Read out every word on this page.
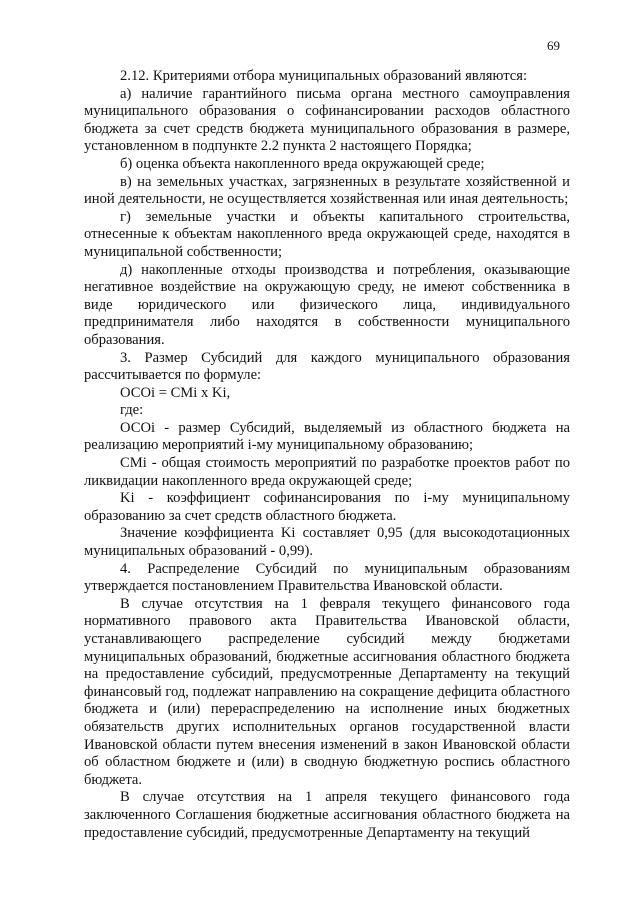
69

2.12. Критериями отбора муниципальных образований являются:

а) наличие гарантийного письма органа местного самоуправления муниципального образования о софинансировании расходов областного бюджета за счет средств бюджета муниципального образования в размере, установленном в подпункте 2.2 пункта 2 настоящего Порядка;

б) оценка объекта накопленного вреда окружающей среде;

в) на земельных участках, загрязненных в результате хозяйственной и иной деятельности, не осуществляется хозяйственная или иная деятельность;

г) земельные участки и объекты капитального строительства, отнесенные к объектам накопленного вреда окружающей среде, находятся в муниципальной собственности;

д) накопленные отходы производства и потребления, оказывающие негативное воздействие на окружающую среду, не имеют собственника в виде юридического или физического лица, индивидуального предпринимателя либо находятся в собственности муниципального образования.

3. Размер Субсидий для каждого муниципального образования рассчитывается по формуле:

ОСОi = СМi x Ki,

где:

ОСОi - размер Субсидий, выделяемый из областного бюджета на реализацию мероприятий i-му муниципальному образованию;

СМi - общая стоимость мероприятий по разработке проектов работ по ликвидации накопленного вреда окружающей среде;

Ki - коэффициент софинансирования по i-му муниципальному образованию за счет средств областного бюджета.

Значение коэффициента Ki составляет 0,95 (для высокодотационных муниципальных образований - 0,99).

4. Распределение Субсидий по муниципальным образованиям утверждается постановлением Правительства Ивановской области.

В случае отсутствия на 1 февраля текущего финансового года нормативного правового акта Правительства Ивановской области, устанавливающего распределение субсидий между бюджетами муниципальных образований, бюджетные ассигнования областного бюджета на предоставление субсидий, предусмотренные Департаменту на текущий финансовый год, подлежат направлению на сокращение дефицита областного бюджета и (или) перераспределению на исполнение иных бюджетных обязательств других исполнительных органов государственной власти Ивановской области путем внесения изменений в закон Ивановской области об областном бюджете и (или) в сводную бюджетную роспись областного бюджета.

В случае отсутствия на 1 апреля текущего финансового года заключенного Соглашения бюджетные ассигнования областного бюджета на предоставление субсидий, предусмотренные Департаменту на текущий
